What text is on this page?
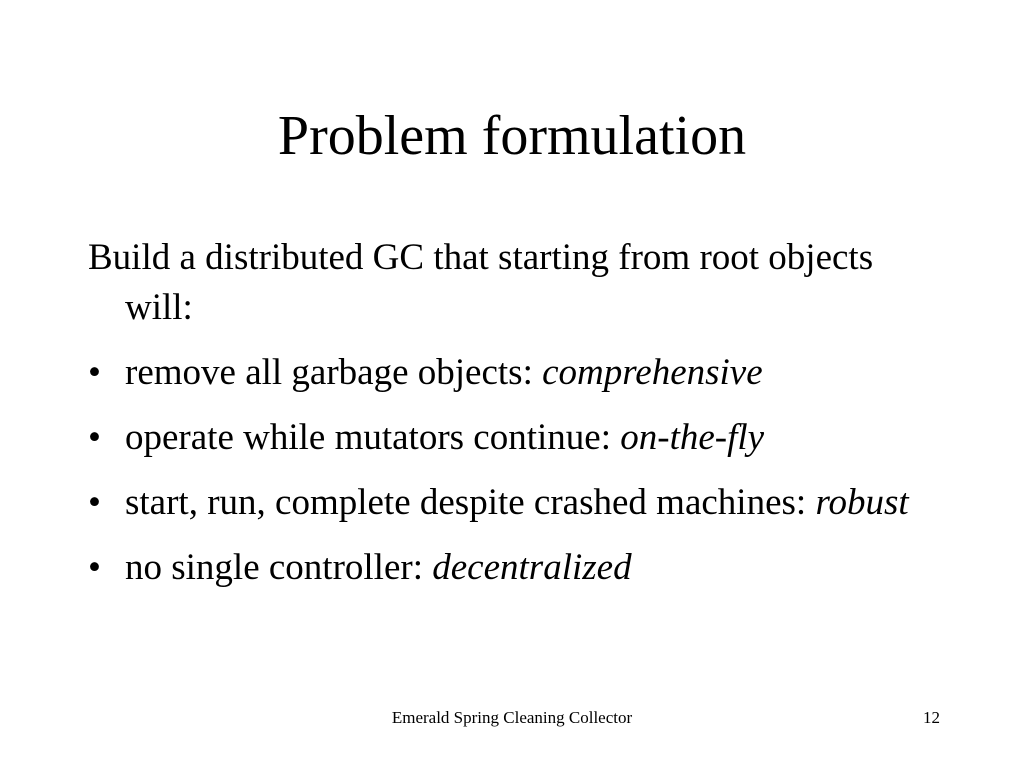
Problem formulation
Build a distributed GC that starting from root objects will:
• remove all garbage objects: comprehensive
• operate while mutators continue: on-the-fly
• start, run, complete despite crashed machines: robust
• no single controller: decentralized
Emerald Spring Cleaning Collector	12
